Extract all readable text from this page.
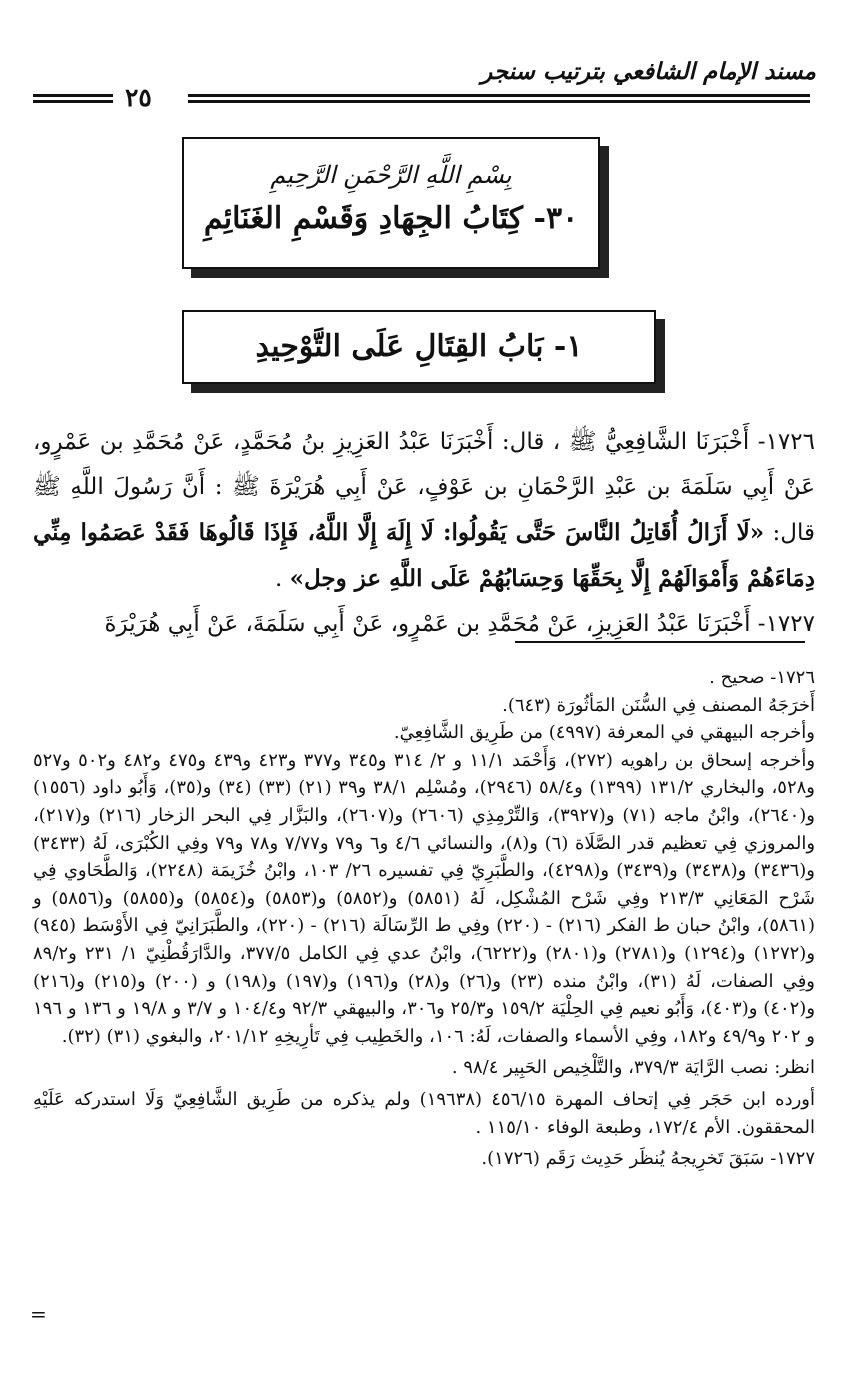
مسند الإمام الشافعي بترتيب سنجر
٢٥
بِسْمِ اللَّهِ الرَّحْمَنِ الرَّحِيمِ
٣٠- كِتَابُ الجِهَادِ وَقَسْمِ الغَنَائِمِ
١- بَابُ القِتَالِ عَلَى التَّوْحِيدِ

١٧٢٦- أَخْبَرَنَا الشَّافِعِيُّ ﷺ ، قال: أَخْبَرَنَا عَبْدُ العَزِيزِ بنُ مُحَمَّدٍ، عَنْ مُحَمَّدِ بن عَمْرٍو، عَنْ أَبِي سَلَمَةَ بن عَبْدِ الرَّحْمَانِ بن عَوْفٍ، عَنْ أَبِي هُرَيْرَةَ ﷺ : أَنَّ رَسُولَ اللَّهِ ﷺ قال: «لَا أَزَالُ أُقَاتِلُ النَّاسَ حَتَّى يَقُولُوا: لَا إِلَهَ إِلَّا اللَّهُ، فَإِذَا قَالُوهَا فَقَدْ عَصَمُوا مِنِّي دِمَاءَهُمْ وَأَمْوَالَهُمْ إِلَّا بِحَقِّهَا وَحِسَابُهُمْ عَلَى اللَّهِ عز وجل» .

١٧٢٧- أَخْبَرَنَا عَبْدُ العَزِيزِ، عَنْ مُحَمَّدِ بن عَمْرٍو، عَنْ أَبِي سَلَمَةَ، عَنْ أَبِي هُرَيْرَةَ

١٧٢٦- صحيح .

أَخرَجَهُ المصنف فِي السُّنَن المَأثُورَة (٦٤٣).

وأخرجه البيهقي في المعرفة (٤٩٩٧) من طَرِيق الشَّافِعِيّ.

وأخرجه إسحاق بن راهويه (٢٧٢)، وَأَحْمَد ١١/١ و ٢/ ٣١٤ و٣٤٥ و٣٧٧ و٤٢٣ و٤٣٩ و٤٧٥ و٤٨٢ و٥٠٢ و٥٢٧ و٥٢٨، والبخاري ١٣١/٢ (١٣٩٩) و٥٨/٤ (٢٩٤٦)، ومُسْلِم ٣٨/١ و٣٩ (٢١) (٣٣) (٣٤) و(٣٥)، وَأَبُو داود (١٥٥٦) و(٢٦٤٠)، وابْنُ ماجه (٧١) و(٣٩٢٧)، وَالتِّرْمِذِي (٢٦٠٦) و(٢٦٠٧)، والبَزَّار فِي البحر الزخار (٢١٦) و(٢١٧)، والمروزي فِي تعظيم قدر الصَّلَاة (٦) و(٨)، والنسائي ٤/٦ و٦ و٧٩ و٧/٧٧ و٧٨ و٧٩ وفِي الكُبْرَى، لَهُ (٣٤٣٣) و(٣٤٣٦) و(٣٤٣٨) و(٣٤٣٩) و(٤٢٩٨)، والطَّبَرِيّ فِي تفسيره ٢٦/ ١٠٣، وابْنُ خُزَيمَة (٢٢٤٨)، وَالطَّحَاوي فِي شَرْح المَعَانِي ٢١٣/٣ وفِي شَرْح المُشْكِل، لَهُ (٥٨٥١) و(٥٨٥٢) و(٥٨٥٣) و(٥٨٥٤) و(٥٨٥٥) و(٥٨٥٦) و (٥٨٦١)، وابْنُ حبان ط الفكر (٢١٦) - (٢٢٠) وفِي ط الرِّسَالَة (٢١٦) - (٢٢٠)، والطَّبَرَانِيّ فِي الأَوْسَط (٩٤٥) و(١٢٧٢) و(١٢٩٤) و(٢٧٨١) و(٢٨٠١) و(٦٢٢٢)، وابْنُ عدي فِي الكامل ٣٧٧/٥، والدَّارَقُطْنِيّ ١/ ٢٣١ و٨٩/٢ وفِي الصفات، لَهُ (٣١)، وابْنُ منده (٢٣) و(٢٦) و(٢٨) و(١٩٦) و(١٩٧) و(١٩٨) و (٢٠٠) و(٢١٥) و(٢١٦) و(٤٠٢) و(٤٠٣)، وَأَبُو نعيم فِي الحِلْيَة ١٥٩/٢ و٢٥/٣ و٣٠٦، والبيهقي ٩٢/٣ و١٠٤/٤ و ٣/٧ و ١٩/٨ و ١٣٦ و ١٩٦ و ٢٠٢ و٤٩/٩ و١٨٢، وفِي الأسماء والصفات، لَهُ: ١٠٦، والخَطِيب فِي تَأرِيخِهِ ٢٠١/١٢، والبغوي (٣١) (٣٢).

انظر: نصب الرَّايَة ٣٧٩/٣، والتَّلْخِيص الحَبِير ٩٨/٤ .

أورده ابن حَجَر فِي إتحاف المهرة ٤٥٦/١٥ (١٩٦٣٨) ولم يذكره من طَرِيق الشَّافِعِيّ وَلَا استدركه عَلَيْهِ المحققون. الأم ١٧٢/٤، وطبعة الوفاء ١١٥/١٠ .

١٧٢٧- سَبَقَ تَخرِيجهُ يُنظَر حَدِيث رَقَم (١٧٢٦).

=
